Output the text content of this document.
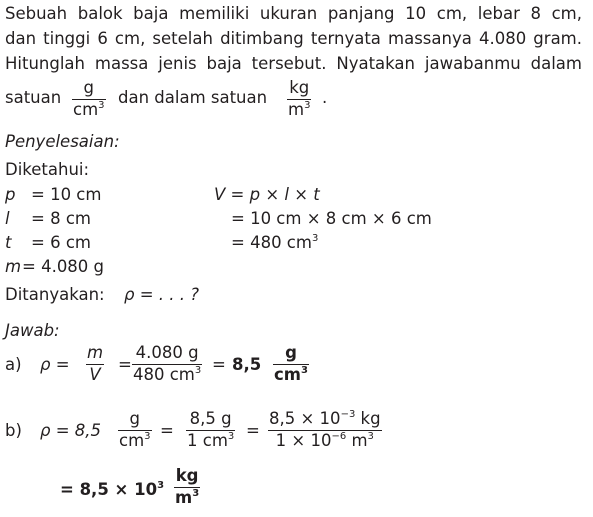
Sebuah balok baja memiliki ukuran panjang 10 cm, lebar 8 cm,
dan tinggi 6 cm, setelah ditimbang ternyata massanya 4.080 gram.
Hitunglah massa jenis baja tersebut. Nyatakan jawabanmu dalam
satuan
g
$cm^3$ dan dalam satuan
kg
$m^3$ .
Penyelesaian:
Diketahui:
p = 10 cm
l = 8 cm
t = 6 cm
m = 4.080 g
V = p × l × t
= 10 cm × 8 cm × 6 cm
= 480 $cm^3$
Ditanyakan: ρ = . . . ?
Jawab:
a) ρ =
m
V =
4.080 g
480 $cm^3 = 8,5$
g
$cm^3$
b) ρ = 8,5
g
$cm^3$ =
8,5 g
1 $cm^3$ =
$8,5 \times 10^{-3}$ kg
$1 \times 10^{-6}$ $m^3$
= $8,5 \times 10^3$
kg
$m^3$
